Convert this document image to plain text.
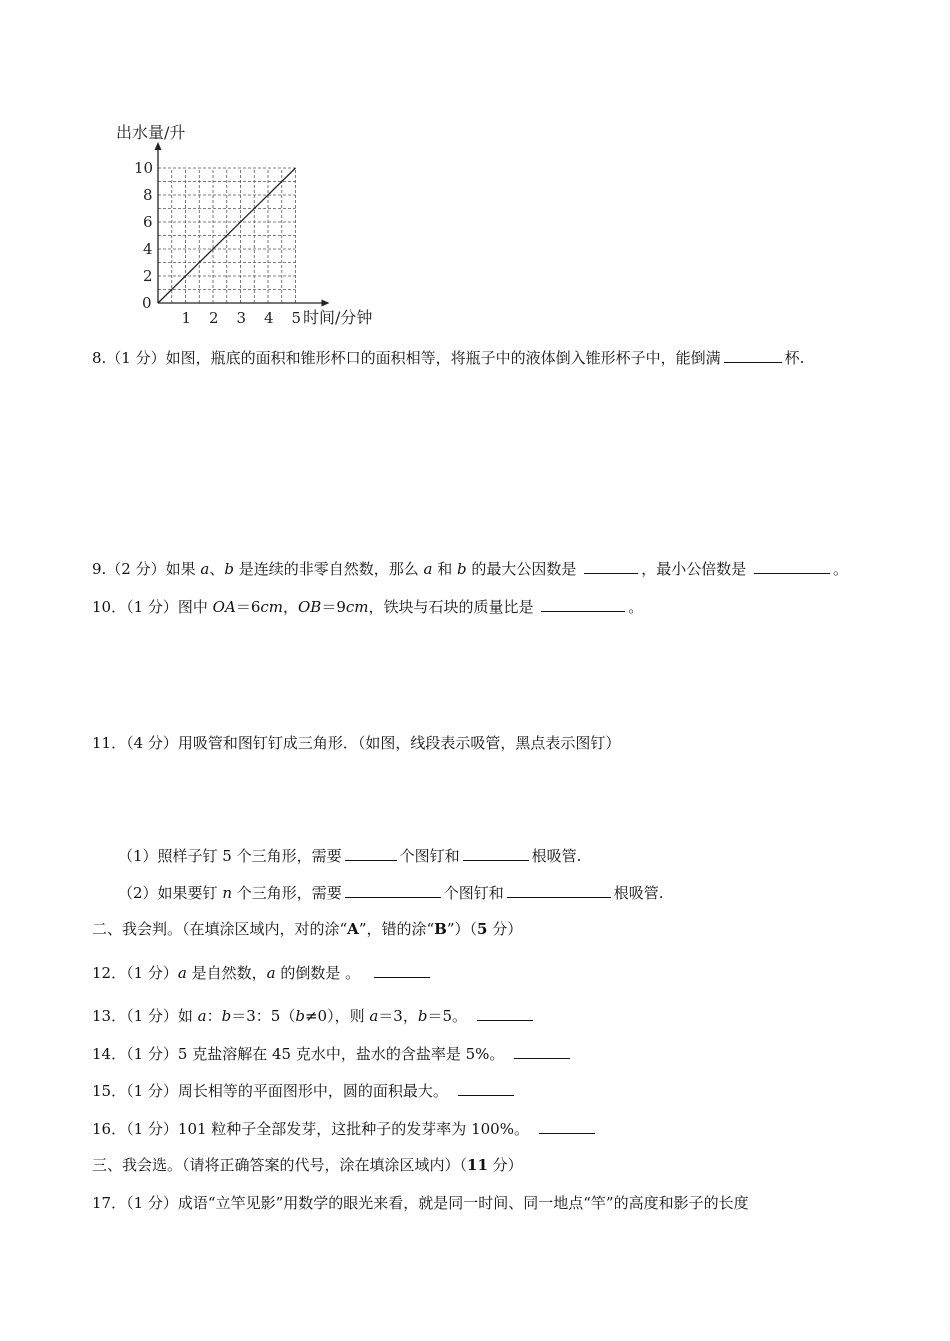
出水量/升
时间/分钟
0
1 2 3 4 5
2
4
6
8
10
8.（1 分）如图，瓶底的面积和锥形杯口的面积相等，将瓶子中的液体倒入锥形杯子中，能倒满	杯.
9.（2 分）如果 a、b 是连续的非零自然数，那么 a 和 b 的最大公因数是	，最小公倍数是	。
10．（1 分）图中 OA＝6cm，OB＝9cm，铁块与石块的质量比是	。
11．（4 分）用吸管和图钉钉成三角形．（如图，线段表示吸管，黑点表示图钉）
（1）照样子钉 5 个三角形，需要	个图钉和	根吸管.
（2）如果要钉 n 个三角形，需要	个图钉和	根吸管.
二、我会判。（在填涂区域内，对的涂“A”，错的涂“B”）（5 分）
12．（1 分）a 是自然数，a 的倒数是 。
13．（1 分）如 a：b＝3：5（b≠0），则 a＝3，b＝5。
14．（1 分）5 克盐溶解在 45 克水中，盐水的含盐率是 5%。
15．（1 分）周长相等的平面图形中，圆的面积最大。
16．（1 分）101 粒种子全部发芽，这批种子的发芽率为 100%。
三、我会选。（请将正确答案的代号，涂在填涂区域内）（11 分）
17．（1 分）成语“立竿见影”用数学的眼光来看，就是同一时间、同一地点“竿”的高度和影子的长度
